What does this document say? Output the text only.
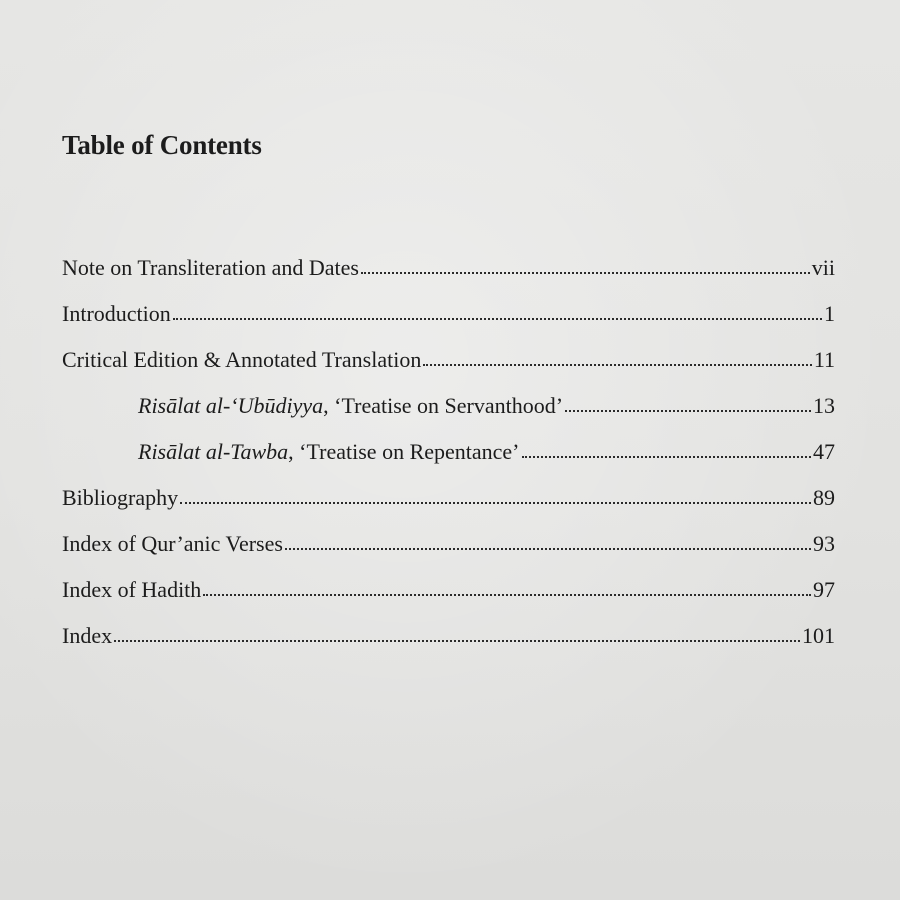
Table of Contents
Note on Transliteration and Dates	vii
Introduction	1
Critical Edition & Annotated Translation	11
Risālat al-‘Ubūdiyya, ‘Treatise on Servanthood’	13
Risālat al-Tawba, ‘Treatise on Repentance’	47
Bibliography	89
Index of Qur’anic Verses	93
Index of Hadith	97
Index	101
